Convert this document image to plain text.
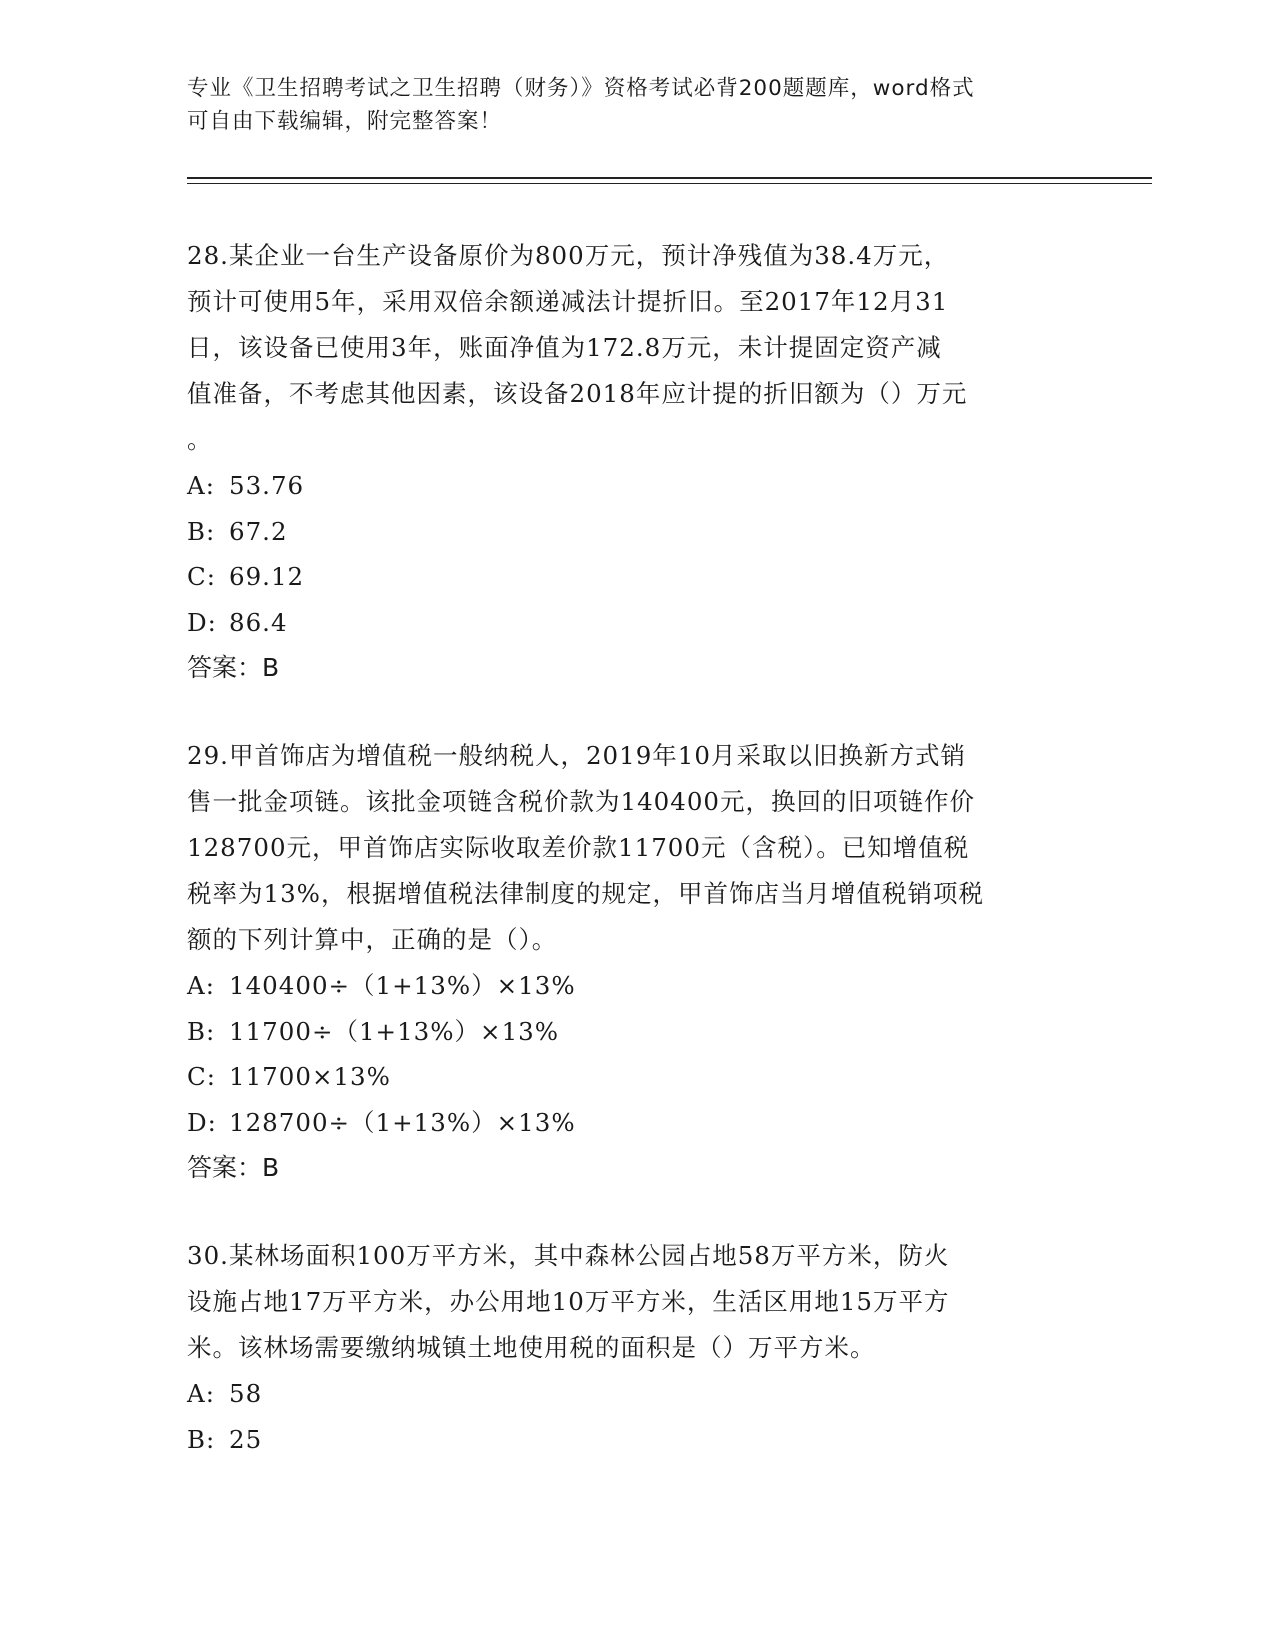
专业《卫生招聘考试之卫生招聘（财务）》资格考试必背200题题库，word格式
可自由下载编辑，附完整答案！
28.某企业一台生产设备原价为800万元，预计净残值为38.4万元，
预计可使用5年，采用双倍余额递减法计提折旧。至2017年12月31
日，该设备已使用3年，账面净值为172.8万元，未计提固定资产减
值准备，不考虑其他因素，该设备2018年应计提的折旧额为（）万元
。
A: 53.76
B: 67.2
C: 69.12
D: 86.4
答案：B
29.甲首饰店为增值税一般纳税人，2019年10月采取以旧换新方式销
售一批金项链。该批金项链含税价款为140400元，换回的旧项链作价
128700元，甲首饰店实际收取差价款11700元（含税）。已知增值税
税率为13%，根据增值税法律制度的规定，甲首饰店当月增值税销项税
额的下列计算中，正确的是（）。
A: 140400÷（1+13%）×13%
B: 11700÷（1+13%）×13%
C: 11700×13%
D: 128700÷（1+13%）×13%
答案：B
30.某林场面积100万平方米，其中森林公园占地58万平方米，防火
设施占地17万平方米，办公用地10万平方米，生活区用地15万平方
米。该林场需要缴纳城镇土地使用税的面积是（）万平方米。
A: 58
B: 25
